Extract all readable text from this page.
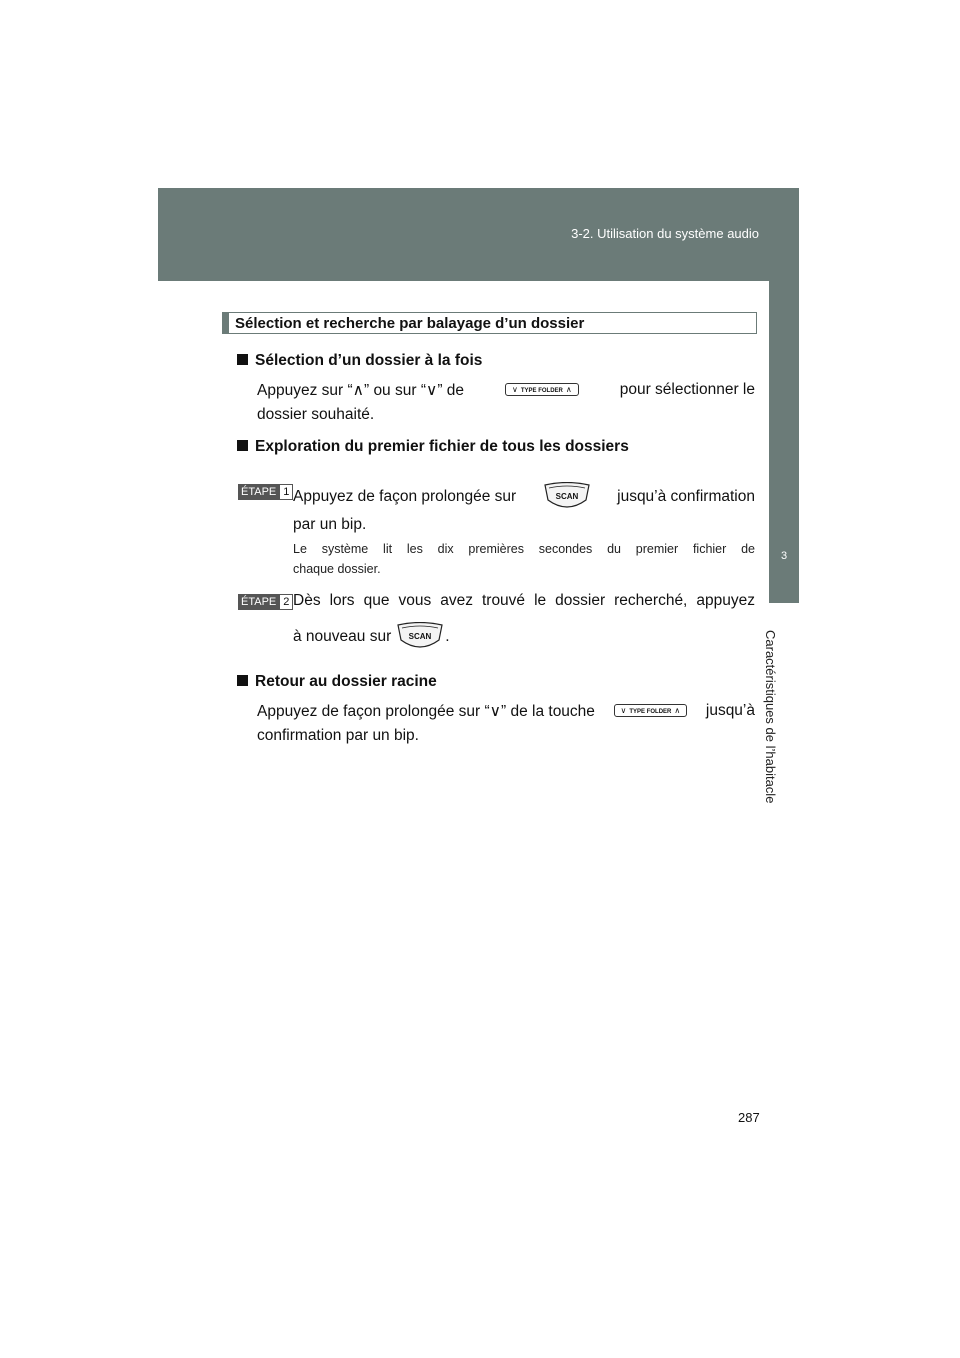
3-2. Utilisation du système audio
3
Caractéristiques de l’habitacle
Sélection et recherche par balayage d’un dossier
Sélection d’un dossier à la fois
Appuyez sur “∧” ou sur “∨” de	∨ TYPE FOLDER ∧	pour sélectionner le
dossier souhaité.
Exploration du premier fichier de tous les dossiers
ÉTAPE 1 Appuyez de façon prolongée sur	SCAN	jusqu’à confirmation
par un bip.
Le système lit les dix premières secondes du premier fichier de
chaque dossier.
ÉTAPE 2 Dès lors que vous avez trouvé le dossier recherché, appuyez
à nouveau sur SCAN .
Retour au dossier racine
Appuyez de façon prolongée sur “∨” de la touche	∨ TYPE FOLDER ∧	jusqu’à
confirmation par un bip.
287
